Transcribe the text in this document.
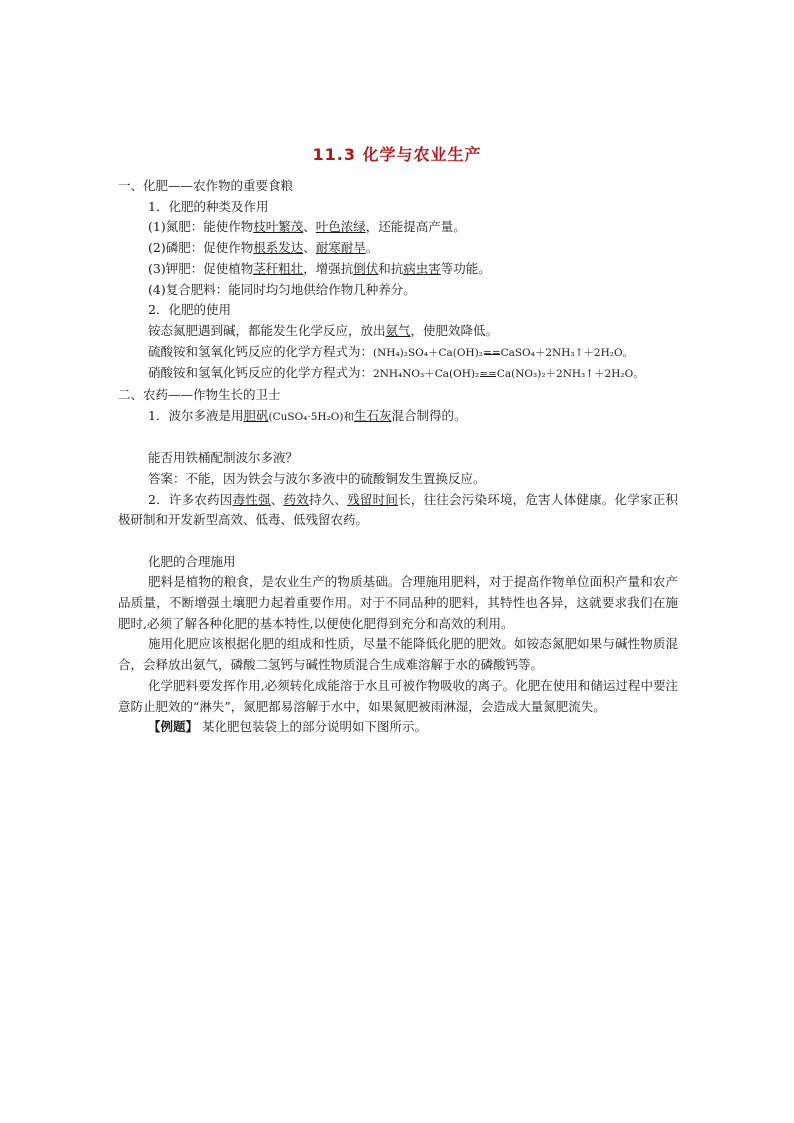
11.3 化学与农业生产

一、化肥——农作物的重要食粮

1．化肥的种类及作用

(1)氮肥：能使作物枝叶繁茂、叶色浓绿，还能提高产量。

(2)磷肥：促使作物根系发达、耐寒耐旱。

(3)钾肥：促使植物茎秆粗壮，增强抗倒伏和抗病虫害等功能。

(4)复合肥料：能同时均匀地供给作物几种养分。

2．化肥的使用

铵态氮肥遇到碱，都能发生化学反应，放出氨气，使肥效降低。

硫酸铵和氢氧化钙反应的化学方程式为：(NH₄)₂SO₄＋Ca(OH)₂==CaSO₄＋2NH₃↑＋2H₂O。

硝酸铵和氢氧化钙反应的化学方程式为：2NH₄NO₃＋Ca(OH)₂==Ca(NO₃)₂＋2NH₃↑＋2H₂O。

二、农药——作物生长的卫士

1．波尔多液是用胆矾(CuSO₄·5H₂O)和生石灰混合制得的。

能否用铁桶配制波尔多液？

答案：不能，因为铁会与波尔多液中的硫酸铜发生置换反应。

2．许多农药因毒性强、药效持久、残留时间长，往往会污染环境，危害人体健康。化学家正积极研制和开发新型高效、低毒、低残留农药。

化肥的合理施用

肥料是植物的粮食，是农业生产的物质基础。合理施用肥料，对于提高作物单位面积产量和农产品质量，不断增强土壤肥力起着重要作用。对于不同品种的肥料，其特性也各异，这就要求我们在施肥时,必须了解各种化肥的基本特性,以便使化肥得到充分和高效的利用。

施用化肥应该根据化肥的组成和性质，尽量不能降低化肥的肥效。如铵态氮肥如果与碱性物质混合，会释放出氨气，磷酸二氢钙与碱性物质混合生成难溶解于水的磷酸钙等。

化学肥料要发挥作用,必须转化成能溶于水且可被作物吸收的离子。化肥在使用和储运过程中要注意防止肥效的“淋失”，氮肥都易溶解于水中，如果氮肥被雨淋湿，会造成大量氮肥流失。

【例题】 某化肥包装袋上的部分说明如下图所示。
